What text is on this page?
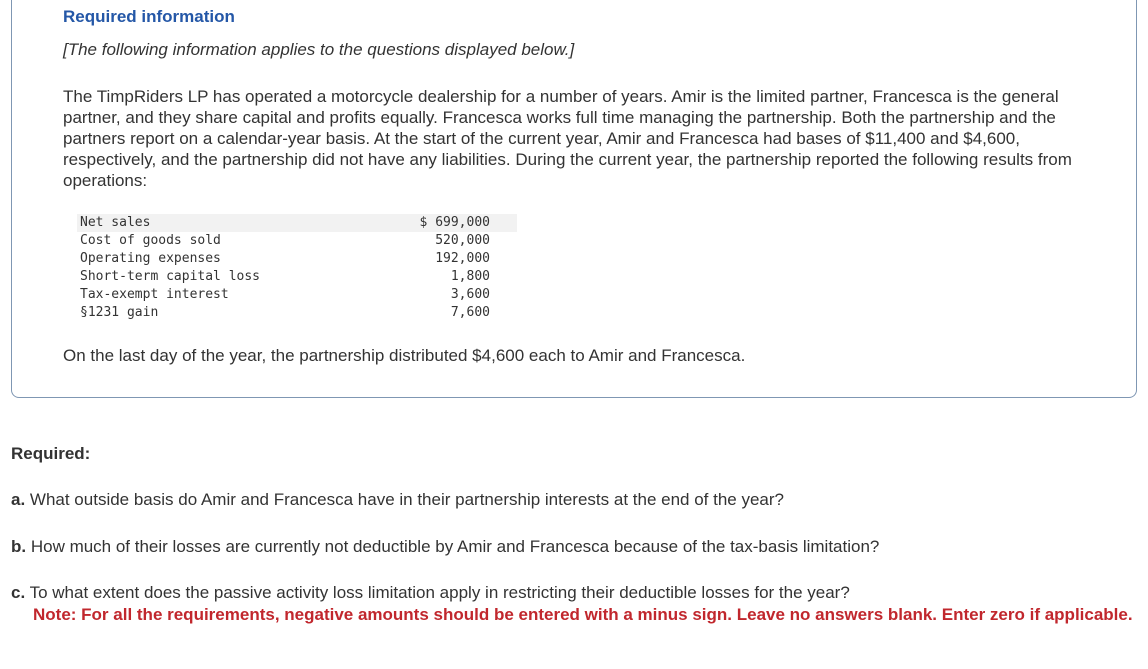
Required information

[The following information applies to the questions displayed below.]

The TimpRiders LP has operated a motorcycle dealership for a number of years. Amir is the limited partner, Francesca is the general partner, and they share capital and profits equally. Francesca works full time managing the partnership. Both the partnership and the partners report on a calendar-year basis. At the start of the current year, Amir and Francesca had bases of $11,400 and $4,600, respectively, and the partnership did not have any liabilities. During the current year, the partnership reported the following results from operations:

Net sales	$ 699,000
Cost of goods sold	520,000
Operating expenses	192,000
Short-term capital loss	1,800
Tax-exempt interest	3,600
§1231 gain	7,600

On the last day of the year, the partnership distributed $4,600 each to Amir and Francesca.

Required:

a. What outside basis do Amir and Francesca have in their partnership interests at the end of the year?

b. How much of their losses are currently not deductible by Amir and Francesca because of the tax-basis limitation?

c. To what extent does the passive activity loss limitation apply in restricting their deductible losses for the year?

Note: For all the requirements, negative amounts should be entered with a minus sign. Leave no answers blank. Enter zero if applicable.
